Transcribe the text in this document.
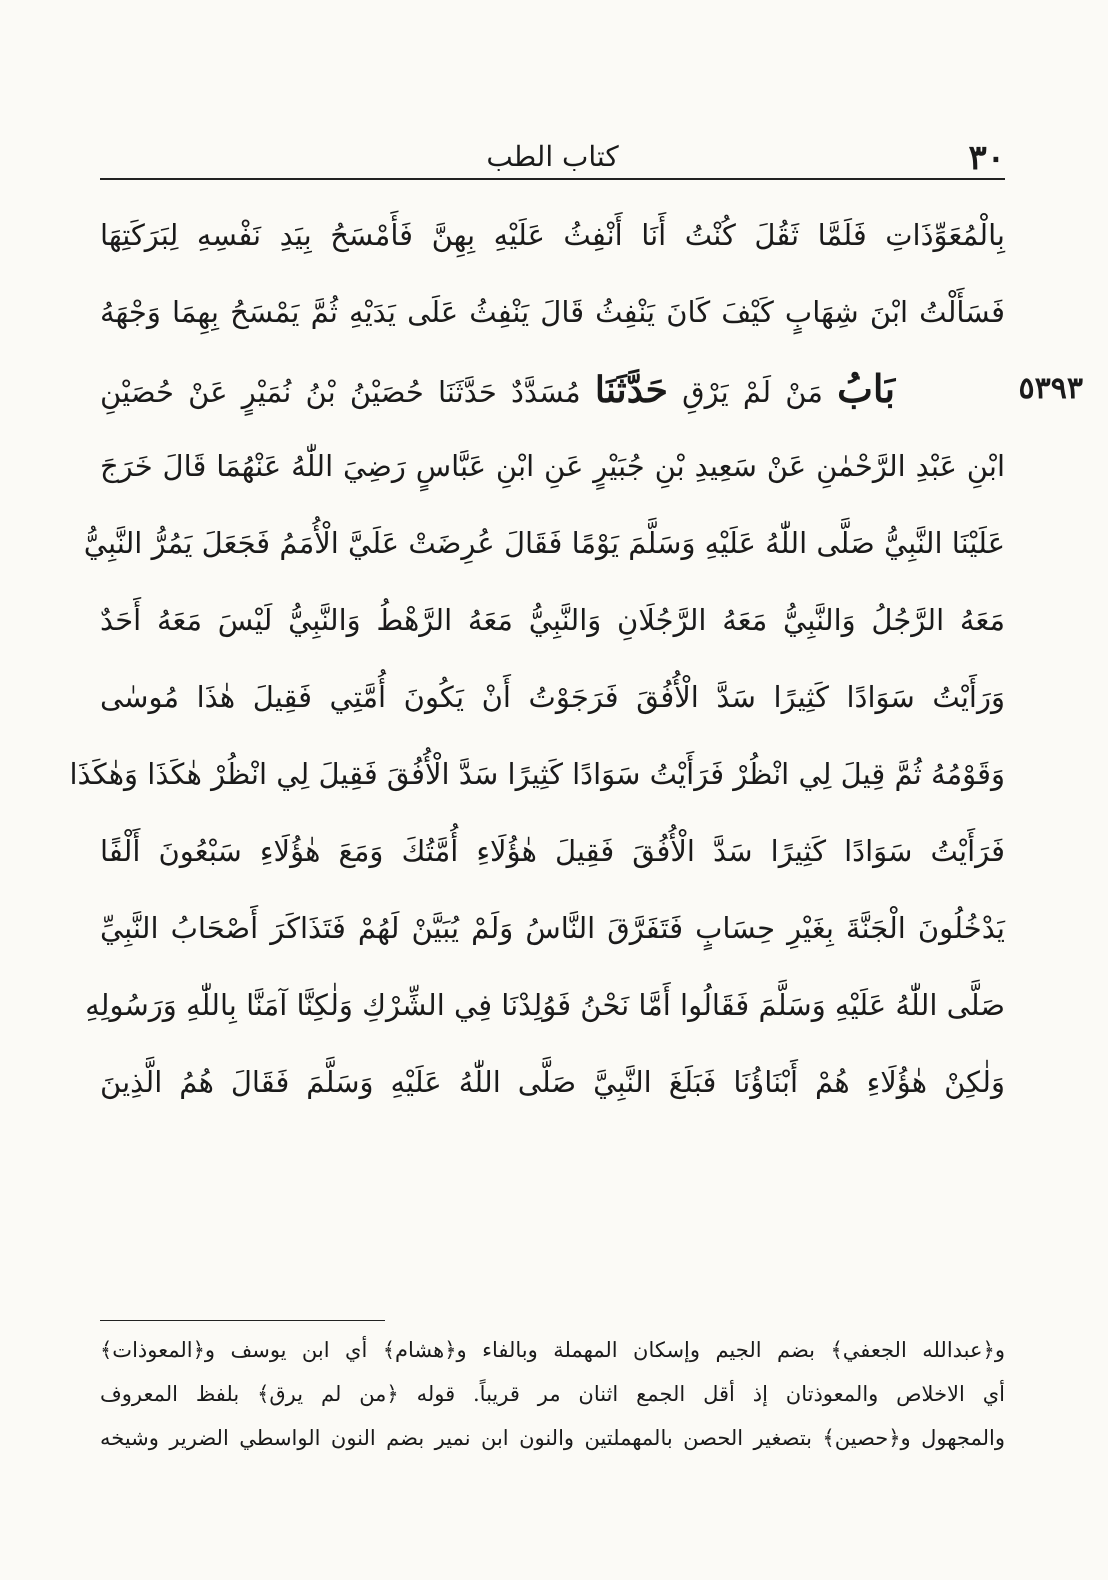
٣٠
كتاب الطب
بِالْمُعَوِّذَاتِ فَلَمَّا ثَقُلَ كُنْتُ أَنَا أَنْفِثُ عَلَيْهِ بِهِنَّ فَأَمْسَحُ بِيَدِ نَفْسِهِ لِبَرَكَتِهَا
فَسَأَلْتُ ابْنَ شِهَابٍ كَيْفَ كَانَ يَنْفِثُ قَالَ يَنْفِثُ عَلَى يَدَيْهِ ثُمَّ يَمْسَحُ بِهِمَا وَجْهَهُ
٥٣٩٣
بَابُ مَنْ لَمْ يَرْقِ حَدَّثَنَا مُسَدَّدٌ حَدَّثَنَا حُصَيْنُ بْنُ نُمَيْرٍ عَنْ حُصَيْنِ
ابْنِ عَبْدِ الرَّحْمٰنِ عَنْ سَعِيدِ بْنِ جُبَيْرٍ عَنِ ابْنِ عَبَّاسٍ رَضِيَ اللّٰهُ عَنْهُمَا قَالَ خَرَجَ
عَلَيْنَا النَّبِيُّ صَلَّى اللّٰهُ عَلَيْهِ وَسَلَّمَ يَوْمًا فَقَالَ عُرِضَتْ عَلَيَّ الْأُمَمُ فَجَعَلَ يَمُرُّ النَّبِيُّ
مَعَهُ الرَّجُلُ وَالنَّبِيُّ مَعَهُ الرَّجُلَانِ وَالنَّبِيُّ مَعَهُ الرَّهْطُ وَالنَّبِيُّ لَيْسَ مَعَهُ أَحَدٌ
وَرَأَيْتُ سَوَادًا كَثِيرًا سَدَّ الْأُفُقَ فَرَجَوْتُ أَنْ يَكُونَ أُمَّتِي فَقِيلَ هٰذَا مُوسٰى
وَقَوْمُهُ ثُمَّ قِيلَ لِي انْظُرْ فَرَأَيْتُ سَوَادًا كَثِيرًا سَدَّ الْأُفُقَ فَقِيلَ لِي انْظُرْ هٰكَذَا وَهٰكَذَا
فَرَأَيْتُ سَوَادًا كَثِيرًا سَدَّ الْأُفُقَ فَقِيلَ هٰؤُلَاءِ أُمَّتُكَ وَمَعَ هٰؤُلَاءِ سَبْعُونَ أَلْفًا
يَدْخُلُونَ الْجَنَّةَ بِغَيْرِ حِسَابٍ فَتَفَرَّقَ النَّاسُ وَلَمْ يُبَيَّنْ لَهُمْ فَتَذَاكَرَ أَصْحَابُ النَّبِيِّ
صَلَّى اللّٰهُ عَلَيْهِ وَسَلَّمَ فَقَالُوا أَمَّا نَحْنُ فَوُلِدْنَا فِي الشِّرْكِ وَلٰكِنَّا آمَنَّا بِاللّٰهِ وَرَسُولِهِ
وَلٰكِنْ هٰؤُلَاءِ هُمْ أَبْنَاؤُنَا فَبَلَغَ النَّبِيَّ صَلَّى اللّٰهُ عَلَيْهِ وَسَلَّمَ فَقَالَ هُمُ الَّذِينَ
و﴿عبدالله الجعفي﴾ بضم الجيم وإسكان المهملة وبالفاء و﴿هشام﴾ أي ابن يوسف و﴿المعوذات﴾
أي الاخلاص والمعوذتان إذ أقل الجمع اثنان مر قريباً. قوله ﴿من لم يرق﴾ بلفظ المعروف
والمجهول و﴿حصين﴾ بتصغير الحصن بالمهملتين والنون ابن نمير بضم النون الواسطي الضرير وشيخه
